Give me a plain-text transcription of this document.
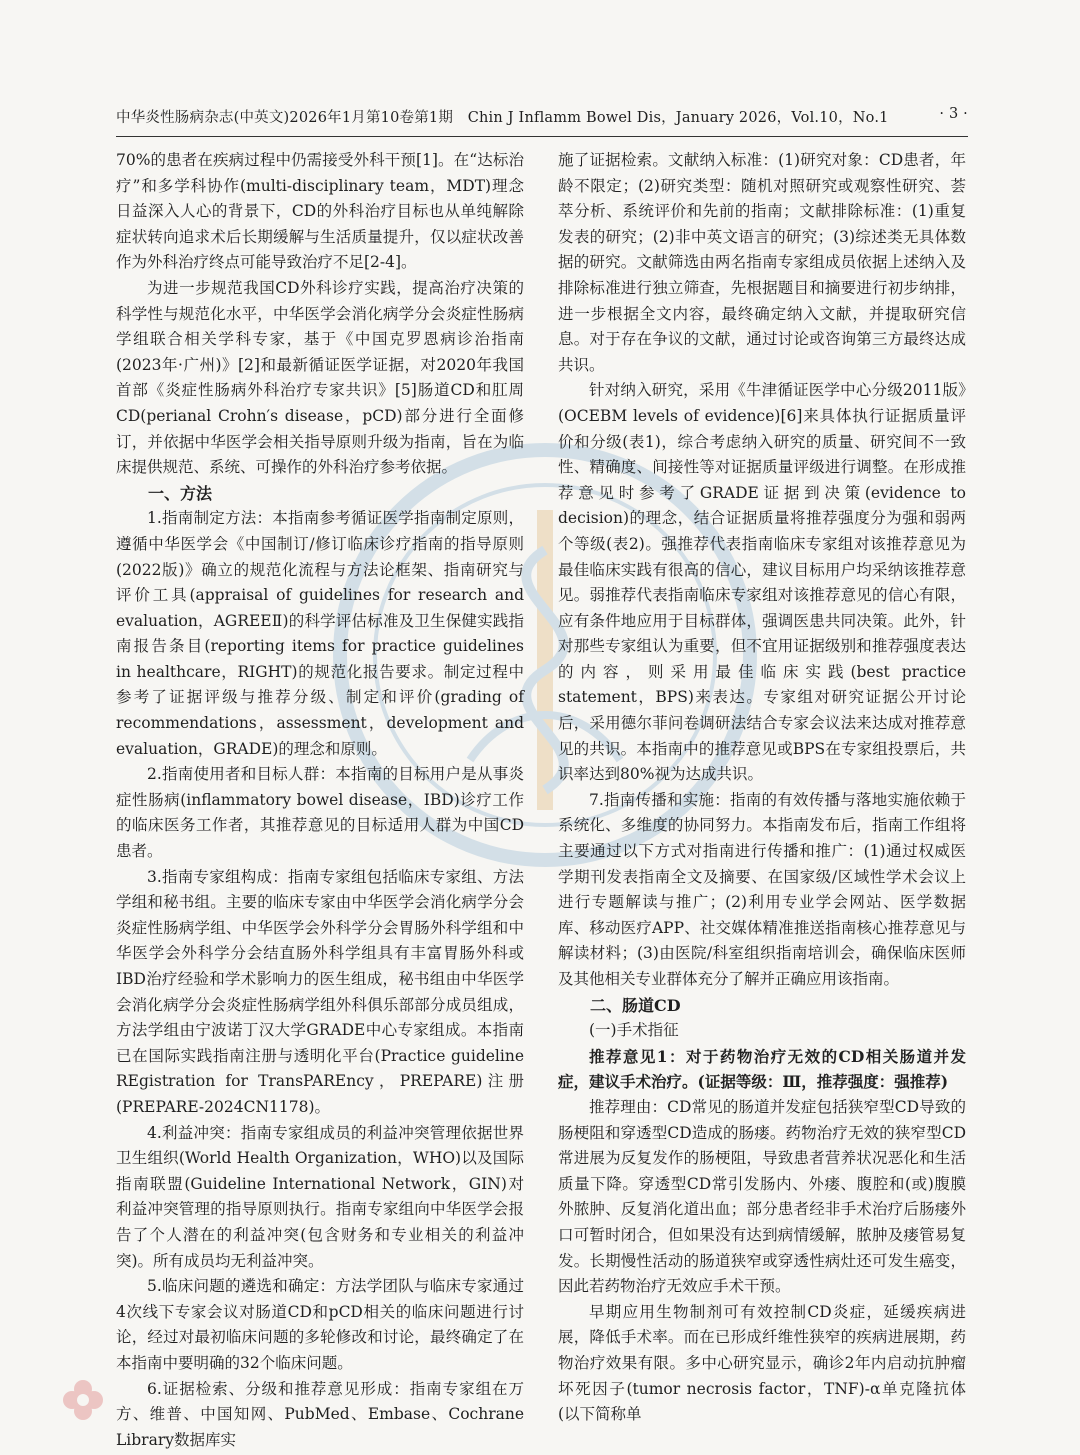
中华炎性肠病杂志(中英文)2026年1月第10卷第1期　Chin J Inflamm Bowel Dis，January 2026，Vol.10，No.1	· 3 ·

70%的患者在疾病过程中仍需接受外科干预[1]。在“达标治疗”和多学科协作(multi-disciplinary team，MDT)理念日益深入人心的背景下，CD的外科治疗目标也从单纯解除症状转向追求术后长期缓解与生活质量提升，仅以症状改善作为外科治疗终点可能导致治疗不足[2-4]。

为进一步规范我国CD外科诊疗实践，提高治疗决策的科学性与规范化水平，中华医学会消化病学分会炎症性肠病学组联合相关学科专家，基于《中国克罗恩病诊治指南(2023年·广州)》[2]和最新循证医学证据，对2020年我国首部《炎症性肠病外科治疗专家共识》[5]肠道CD和肛周CD(perianal Crohn′s disease，pCD)部分进行全面修订，并依据中华医学会相关指导原则升级为指南，旨在为临床提供规范、系统、可操作的外科治疗参考依据。

一、方法

1.指南制定方法：本指南参考循证医学指南制定原则，遵循中华医学会《中国制订/修订临床诊疗指南的指导原则(2022版)》确立的规范化流程与方法论框架、指南研究与评价工具(appraisal of guidelines for research and evaluation，AGREEⅡ)的科学评估标准及卫生保健实践指南报告条目(reporting items for practice guidelines in healthcare，RIGHT)的规范化报告要求。制定过程中参考了证据评级与推荐分级、制定和评价(grading of recommendations，assessment，development and evaluation，GRADE)的理念和原则。

2.指南使用者和目标人群：本指南的目标用户是从事炎症性肠病(inflammatory bowel disease，IBD)诊疗工作的临床医务工作者，其推荐意见的目标适用人群为中国CD患者。

3.指南专家组构成：指南专家组包括临床专家组、方法学组和秘书组。主要的临床专家由中华医学会消化病学分会炎症性肠病学组、中华医学会外科学分会胃肠外科学组和中华医学会外科学分会结直肠外科学组具有丰富胃肠外科或IBD治疗经验和学术影响力的医生组成，秘书组由中华医学会消化病学分会炎症性肠病学组外科俱乐部部分成员组成，方法学组由宁波诺丁汉大学GRADE中心专家组成。本指南已在国际实践指南注册与透明化平台(Practice guideline REgistration for TransPAREncy，PREPARE)注册(PREPARE-2024CN1178)。

4.利益冲突：指南专家组成员的利益冲突管理依据世界卫生组织(World Health Organization，WHO)以及国际指南联盟(Guideline International Network，GIN)对利益冲突管理的指导原则执行。指南专家组向中华医学会报告了个人潜在的利益冲突(包含财务和专业相关的利益冲突)。所有成员均无利益冲突。

5.临床问题的遴选和确定：方法学团队与临床专家通过4次线下专家会议对肠道CD和pCD相关的临床问题进行讨论，经过对最初临床问题的多轮修改和讨论，最终确定了在本指南中要明确的32个临床问题。

6.证据检索、分级和推荐意见形成：指南专家组在万方、维普、中国知网、PubMed、Embase、Cochrane Library数据库实

施了证据检索。文献纳入标准：(1)研究对象：CD患者，年龄不限定；(2)研究类型：随机对照研究或观察性研究、荟萃分析、系统评价和先前的指南；文献排除标准：(1)重复发表的研究；(2)非中英文语言的研究；(3)综述类无具体数据的研究。文献筛选由两名指南专家组成员依据上述纳入及排除标准进行独立筛查，先根据题目和摘要进行初步纳排，进一步根据全文内容，最终确定纳入文献，并提取研究信息。对于存在争议的文献，通过讨论或咨询第三方最终达成共识。

针对纳入研究，采用《牛津循证医学中心分级2011版》(OCEBM levels of evidence)[6]来具体执行证据质量评价和分级(表1)，综合考虑纳入研究的质量、研究间不一致性、精确度、间接性等对证据质量评级进行调整。在形成推荐意见时参考了GRADE证据到决策(evidence to decision)的理念，结合证据质量将推荐强度分为强和弱两个等级(表2)。强推荐代表指南临床专家组对该推荐意见为最佳临床实践有很高的信心，建议目标用户均采纳该推荐意见。弱推荐代表指南临床专家组对该推荐意见的信心有限，应有条件地应用于目标群体，强调医患共同决策。此外，针对那些专家组认为重要，但不宜用证据级别和推荐强度表达的内容，则采用最佳临床实践(best practice statement，BPS)来表达。专家组对研究证据公开讨论后，采用德尔菲问卷调研法结合专家会议法来达成对推荐意见的共识。本指南中的推荐意见或BPS在专家组投票后，共识率达到80%视为达成共识。

7.指南传播和实施：指南的有效传播与落地实施依赖于系统化、多维度的协同努力。本指南发布后，指南工作组将主要通过以下方式对指南进行传播和推广：(1)通过权威医学期刊发表指南全文及摘要、在国家级/区域性学术会议上进行专题解读与推广；(2)利用专业学会网站、医学数据库、移动医疗APP、社交媒体精准推送指南核心推荐意见与解读材料；(3)由医院/科室组织指南培训会，确保临床医师及其他相关专业群体充分了解并正确应用该指南。

二、肠道CD
(一)手术指征

推荐意见1：对于药物治疗无效的CD相关肠道并发症，建议手术治疗。(证据等级：Ⅲ，推荐强度：强推荐)

推荐理由：CD常见的肠道并发症包括狭窄型CD导致的肠梗阻和穿透型CD造成的肠瘘。药物治疗无效的狭窄型CD常进展为反复发作的肠梗阻，导致患者营养状况恶化和生活质量下降。穿透型CD常引发肠内、外瘘、腹腔和(或)腹膜外脓肿、反复消化道出血；部分患者经非手术治疗后肠瘘外口可暂时闭合，但如果没有达到病情缓解，脓肿及瘘管易复发。长期慢性活动的肠道狭窄或穿透性病灶还可发生癌变，因此若药物治疗无效应手术干预。

早期应用生物制剂可有效控制CD炎症，延缓疾病进展，降低手术率。而在已形成纤维性狭窄的疾病进展期，药物治疗效果有限。多中心研究显示，确诊2年内启动抗肿瘤坏死因子(tumor necrosis factor，TNF)-α单克隆抗体(以下简称单
